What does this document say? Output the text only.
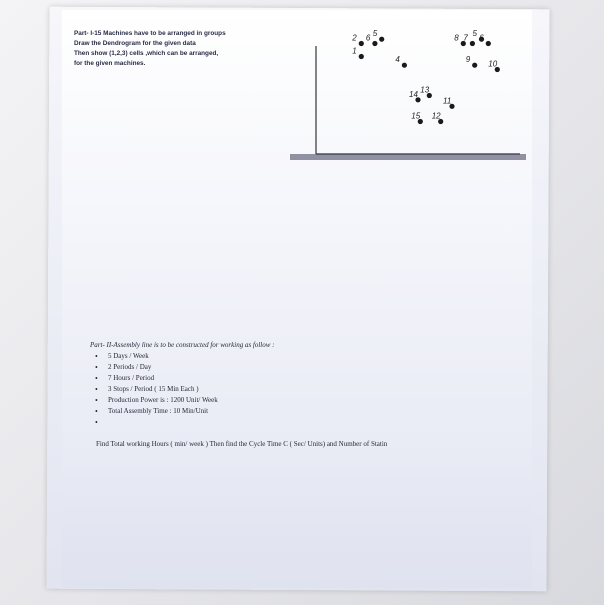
Part- I-15 Machines have to be arranged in groups
Draw the Dendrogram for the given data
Then show (1,2,3) cells ,which can be arranged,
for the given machines.
2 6 5
1
4
8 7 5 6
9 10
14 13
11
15 12
Part- II-Assembly line is to be constructed for working as follow :
• 5 Days / Week
• 2 Periods / Day
• 7 Hours / Period
• 3 Stops / Period ( 15 Min Each )
• Production Power is : 1200 Unit/ Week
• Total Assembly Time : 10 Min/Unit
•
Find Total working Hours ( min/ week ) Then find the Cycle Time C ( Sec/ Units) and Number of Statin
